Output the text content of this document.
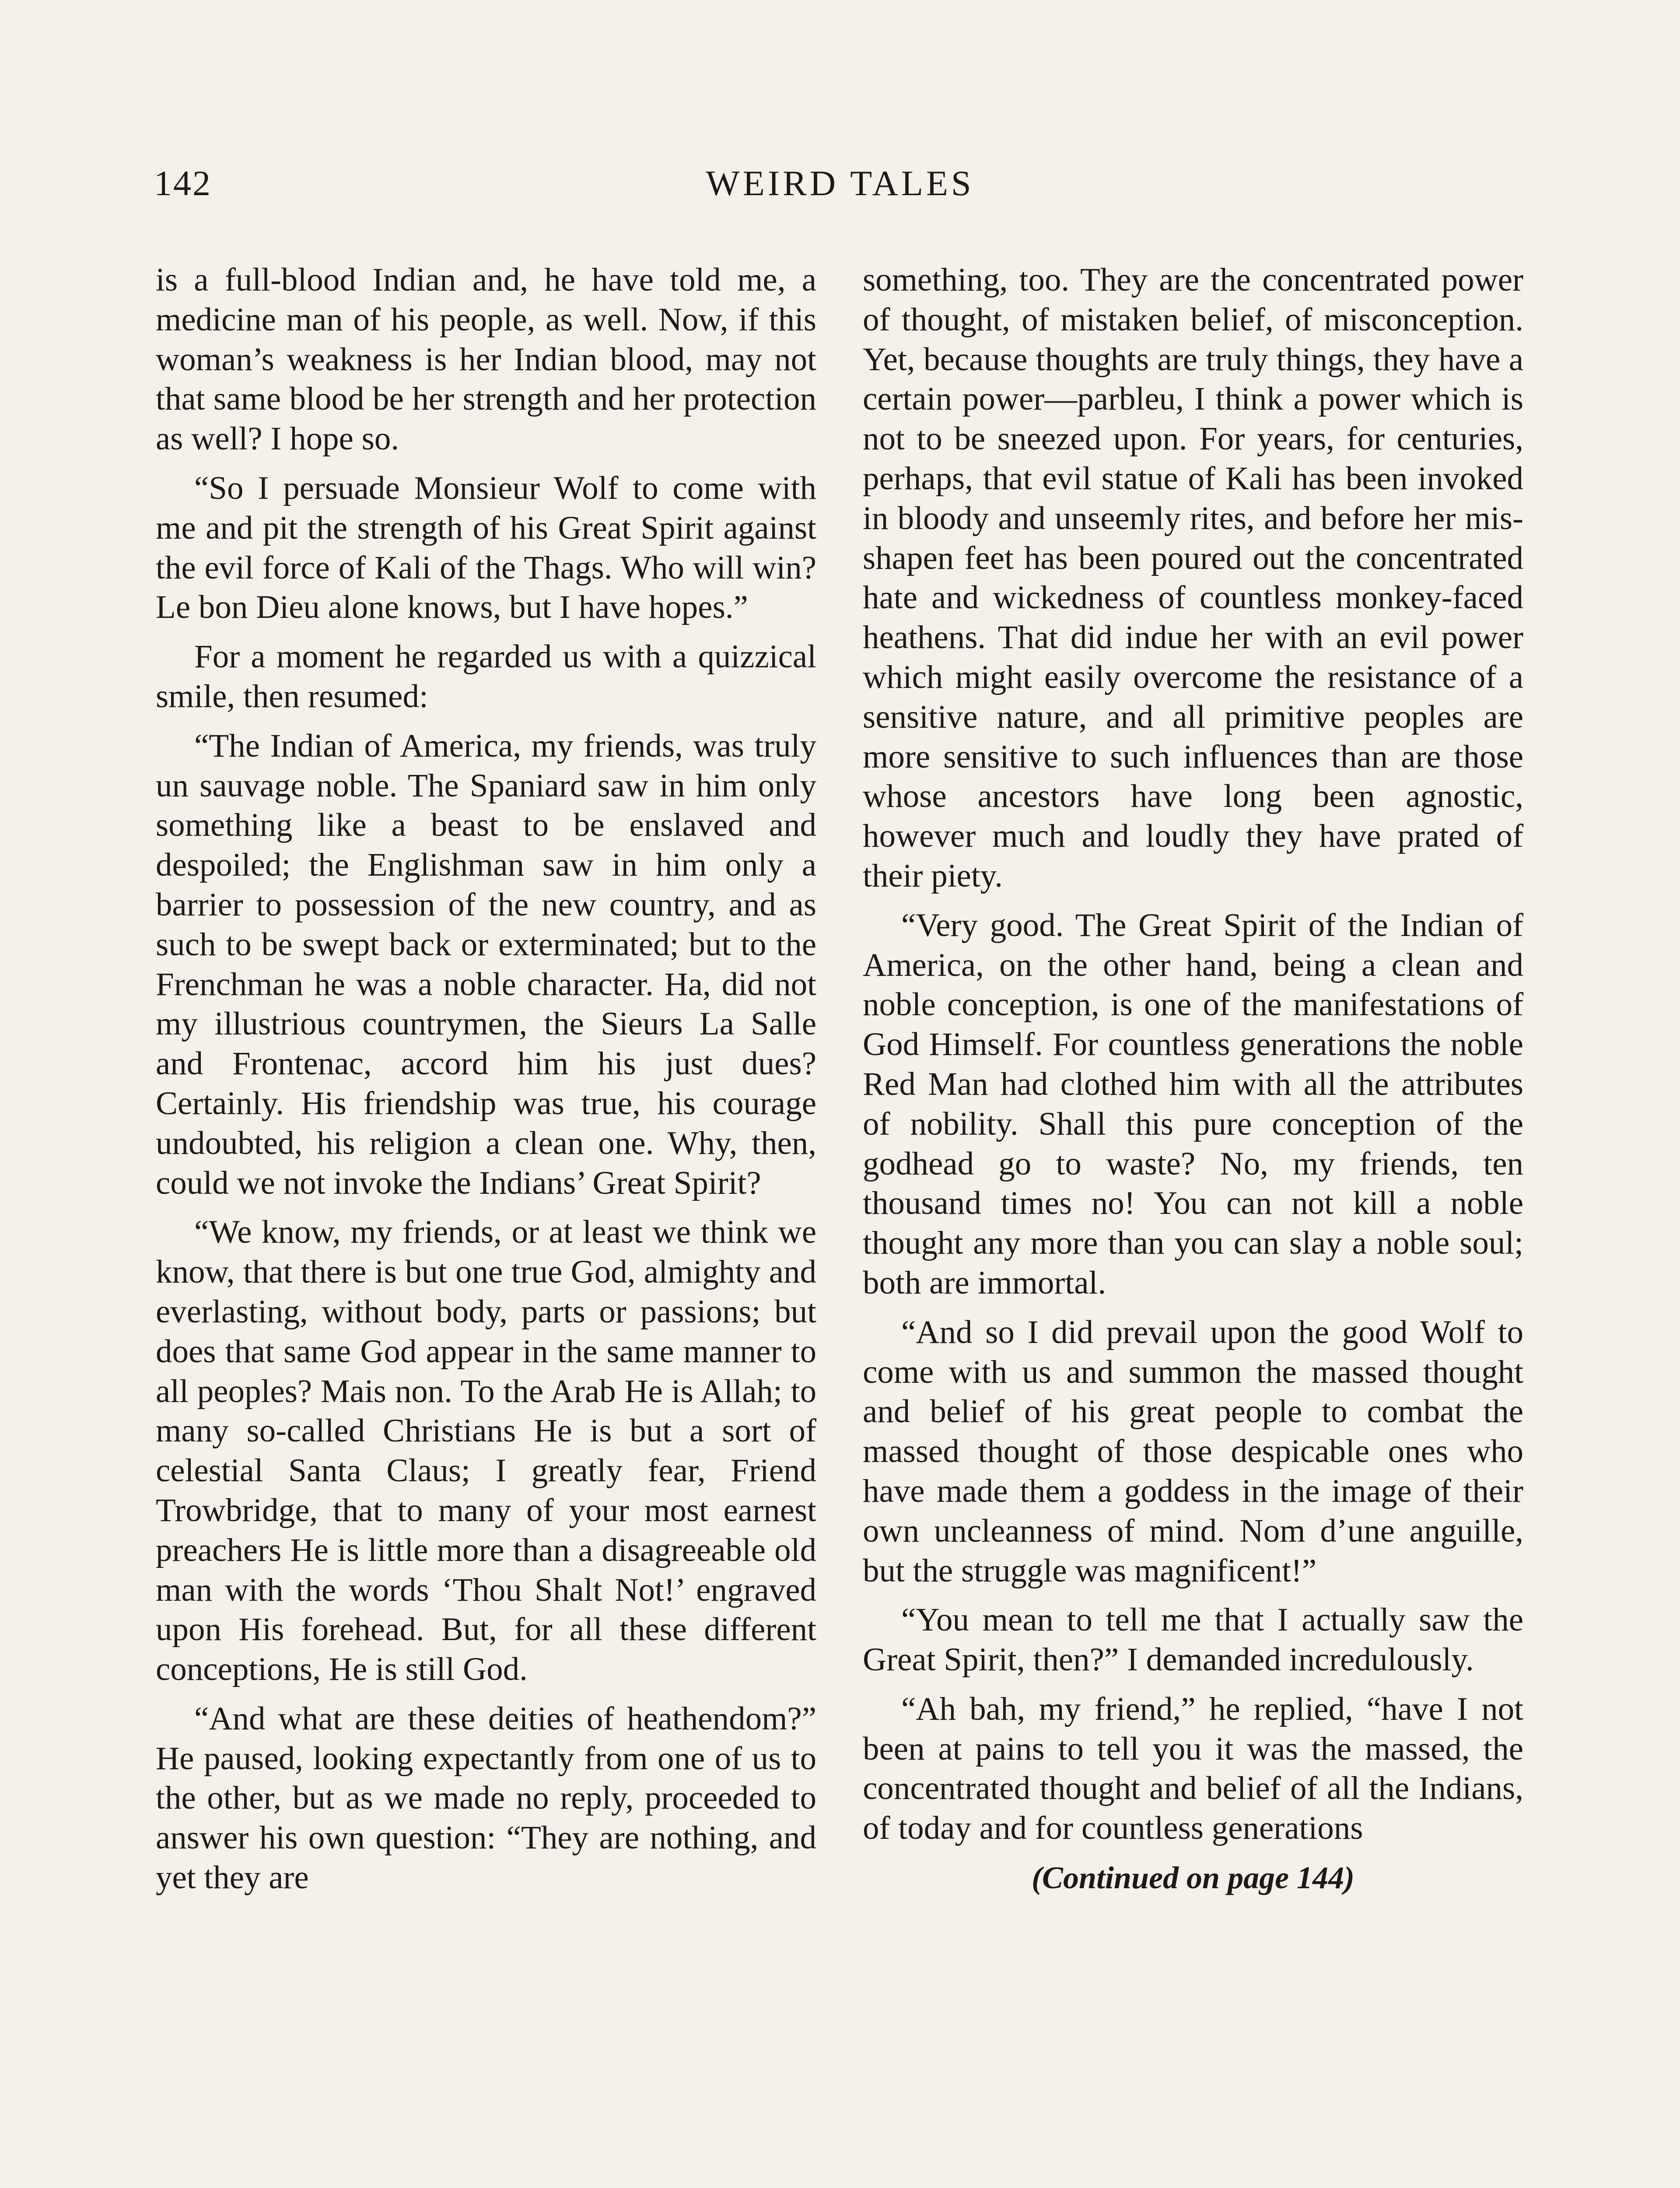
142	WEIRD TALES

is a full-blood Indian and, he have told me, a medicine man of his people, as well. Now, if this woman’s weakness is her Indian blood, may not that same blood be her strength and her protection as well? I hope so.

“So I persuade Monsieur Wolf to come with me and pit the strength of his Great Spirit against the evil force of Kali of the Thags. Who will win? Le bon Dieu alone knows, but I have hopes.”

For a moment he regarded us with a quizzical smile, then resumed:

“The Indian of America, my friends, was truly un sauvage noble. The Spaniard saw in him only something like a beast to be enslaved and despoiled; the Englishman saw in him only a barrier to possession of the new country, and as such to be swept back or exterminated; but to the Frenchman he was a noble character. Ha, did not my illustrious countrymen, the Sieurs La Salle and Frontenac, accord him his just dues? Certainly. His friendship was true, his courage undoubted, his religion a clean one. Why, then, could we not invoke the Indians’ Great Spirit?

“We know, my friends, or at least we think we know, that there is but one true God, almighty and everlasting, without body, parts or passions; but does that same God appear in the same manner to all peoples? Mais non. To the Arab He is Allah; to many so-called Christians He is but a sort of celestial Santa Claus; I greatly fear, Friend Trowbridge, that to many of your most earnest preachers He is little more than a disagreeable old man with the words ‘Thou Shalt Not!’ engraved upon His forehead. But, for all these different conceptions, He is still God.

“And what are these deities of heathendom?” He paused, looking expectantly from one of us to the other, but as we made no reply, proceeded to answer his own question: “They are nothing, and yet they are

something, too. They are the concentrated power of thought, of mistaken belief, of misconception. Yet, because thoughts are truly things, they have a certain power—parbleu, I think a power which is not to be sneezed upon. For years, for centuries, perhaps, that evil statue of Kali has been invoked in bloody and unseemly rites, and before her misshapen feet has been poured out the concentrated hate and wickedness of countless monkey-faced heathens. That did indue her with an evil power which might easily overcome the resistance of a sensitive nature, and all primitive peoples are more sensitive to such influences than are those whose ancestors have long been agnostic, however much and loudly they have prated of their piety.

“Very good. The Great Spirit of the Indian of America, on the other hand, being a clean and noble conception, is one of the manifestations of God Himself. For countless generations the noble Red Man had clothed him with all the attributes of nobility. Shall this pure conception of the godhead go to waste? No, my friends, ten thousand times no! You can not kill a noble thought any more than you can slay a noble soul; both are immortal.

“And so I did prevail upon the good Wolf to come with us and summon the massed thought and belief of his great people to combat the massed thought of those despicable ones who have made them a goddess in the image of their own uncleanness of mind. Nom d’une anguille, but the struggle was magnificent!”

“You mean to tell me that I actually saw the Great Spirit, then?” I demanded incredulously.

“Ah bah, my friend,” he replied, “have I not been at pains to tell you it was the massed, the concentrated thought and belief of all the Indians, of today and for countless generations

(Continued on page 144)
